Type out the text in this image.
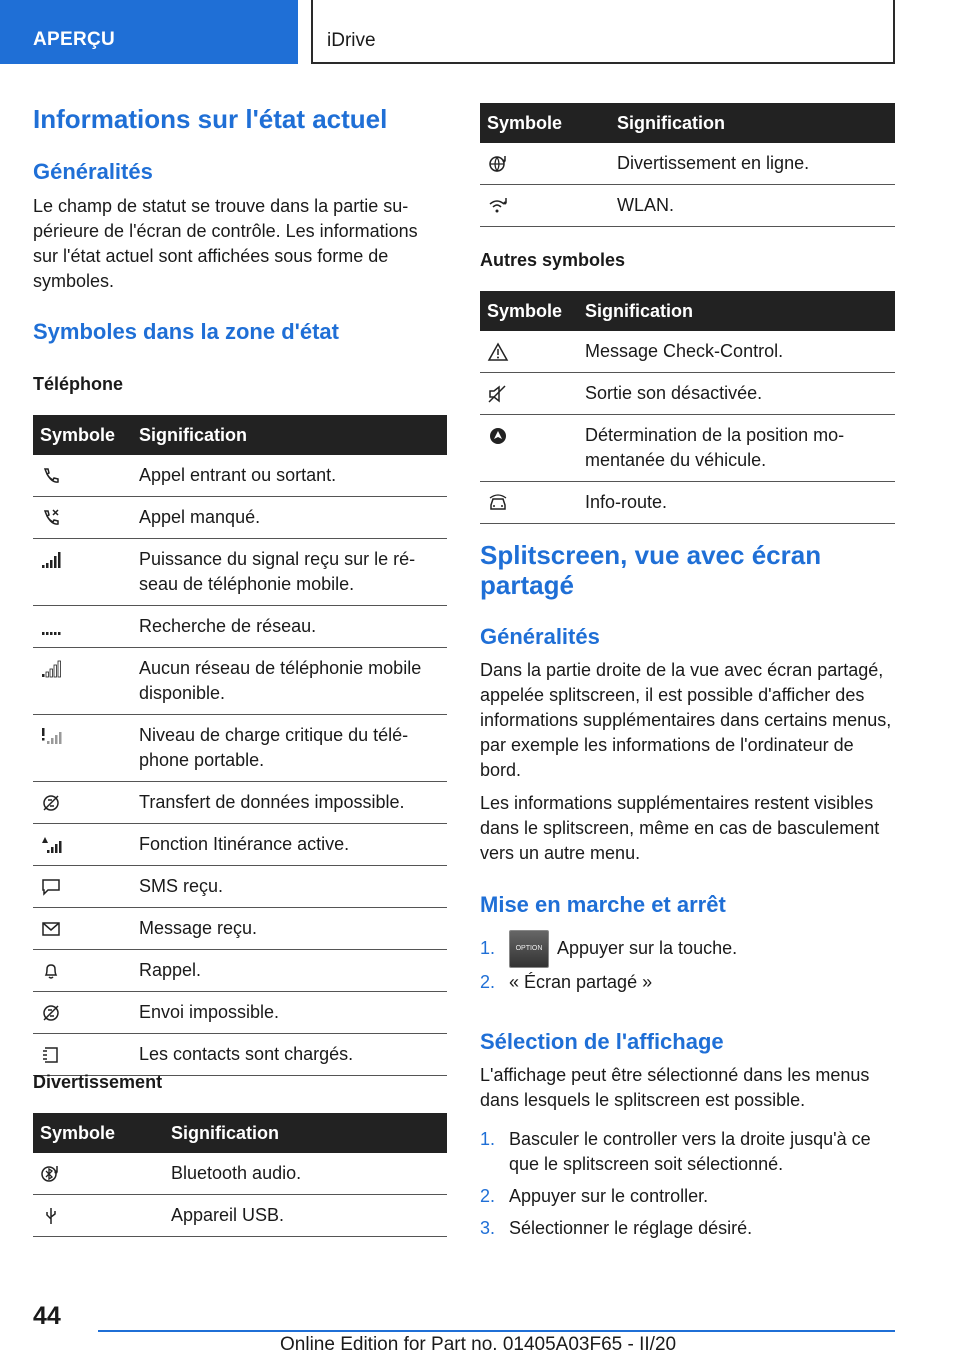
APERÇU	iDrive
Informations sur l'état actuel
Généralités

Le champ de statut se trouve dans la partie supérieure de l'écran de contrôle. Les informations sur l'état actuel sont affichées sous forme de symboles.

Symboles dans la zone d'état
Téléphone
Symbole	Signification

	Appel entrant ou sortant.

	Appel manqué.

	Puissance du signal reçu sur le réseau de téléphonie mobile.

	Recherche de réseau.

	Aucun réseau de téléphonie mobile disponible.

	Niveau de charge critique du téléphone portable.

	Transfert de données impossible.

	Fonction Itinérance active.

	SMS reçu.

	Message reçu.

	Rappel.

	Envoi impossible.

	Les contacts sont chargés.
Divertissement
Symbole	Signification

	Bluetooth audio.

	Appareil USB.
Symbole	Signification

	Divertissement en ligne.

	WLAN.
Autres symboles
Symbole	Signification

	Message Check-Control.

	Sortie son désactivée.

	Détermination de la position momentanée du véhicule.

	Info-route.
Splitscreen, vue avec écran partagé
Généralités

Dans la partie droite de la vue avec écran partagé, appelée splitscreen, il est possible d'afficher des informations supplémentaires dans certains menus, par exemple les informations de l'ordinateur de bord.

Les informations supplémentaires restent visibles dans le splitscreen, même en cas de basculement vers un autre menu.

Mise en marche et arrêt
1.	OPTION Appuyer sur la touche.
2. « Écran partagé »
Sélection de l'affichage

L'affichage peut être sélectionné dans les menus dans lesquels le splitscreen est possible.

1. Basculer le controller vers la droite jusqu'à ce que le splitscreen soit sélectionné.
2. Appuyer sur le controller.
3. Sélectionner le réglage désiré.
44
Online Edition for Part no. 01405A03F65 - II/20
